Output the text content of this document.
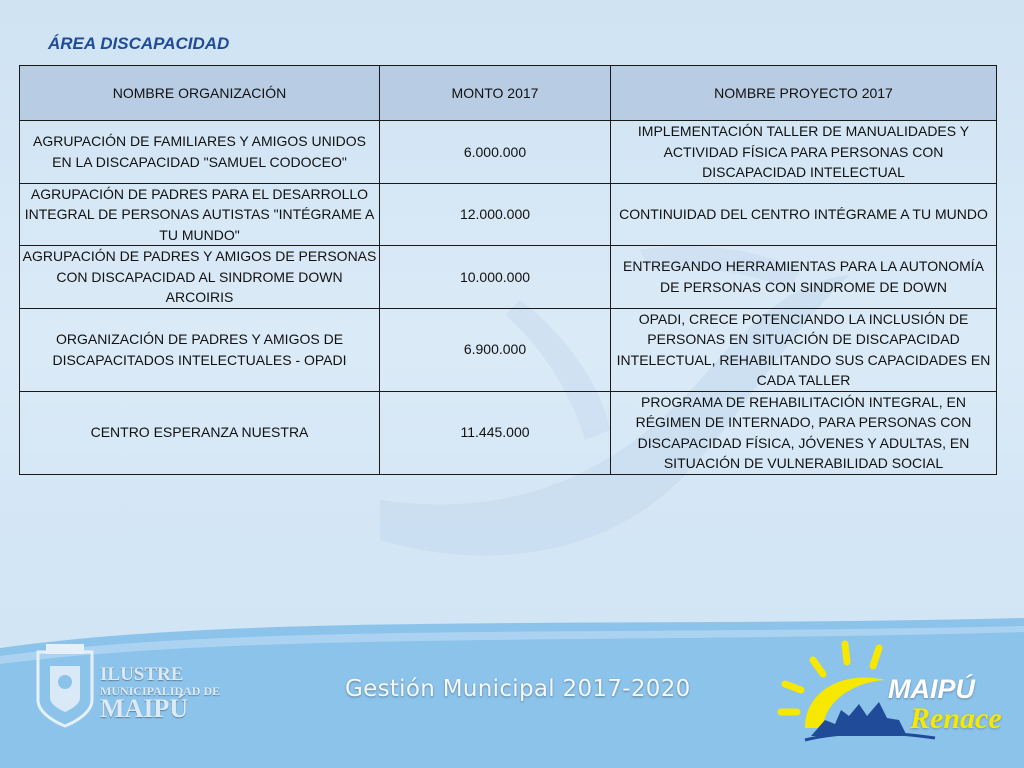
ÁREA DISCAPACIDAD
NOMBRE ORGANIZACIÓN	MONTO 2017	NOMBRE PROYECTO 2017
AGRUPACIÓN DE FAMILIARES Y AMIGOS UNIDOS EN LA DISCAPACIDAD "SAMUEL CODOCEO"	6.000.000	IMPLEMENTACIÓN TALLER DE MANUALIDADES Y ACTIVIDAD FÍSICA PARA PERSONAS CON DISCAPACIDAD INTELECTUAL
AGRUPACIÓN DE PADRES PARA EL DESARROLLO INTEGRAL DE PERSONAS AUTISTAS "INTÉGRAME A TU MUNDO"	12.000.000	CONTINUIDAD DEL CENTRO INTÉGRAME A TU MUNDO
AGRUPACIÓN DE PADRES Y AMIGOS DE PERSONAS CON DISCAPACIDAD AL SINDROME DOWN ARCOIRIS	10.000.000	ENTREGANDO HERRAMIENTAS PARA LA AUTONOMÍA DE PERSONAS CON SINDROME DE DOWN
ORGANIZACIÓN DE PADRES Y AMIGOS DE DISCAPACITADOS INTELECTUALES - OPADI	6.900.000	OPADI, CRECE POTENCIANDO LA INCLUSIÓN DE PERSONAS EN SITUACIÓN DE DISCAPACIDAD INTELECTUAL, REHABILITANDO SUS CAPACIDADES EN CADA TALLER
CENTRO ESPERANZA NUESTRA	11.445.000	PROGRAMA DE REHABILITACIÓN INTEGRAL, EN RÉGIMEN DE INTERNADO, PARA PERSONAS CON DISCAPACIDAD FÍSICA, JÓVENES Y ADULTAS, EN SITUACIÓN DE VULNERABILIDAD SOCIAL
ILUSTRE
MUNICIPALIDAD DE
MAIPÚ
Gestión Municipal 2017-2020	MAIPÚ
Renace
